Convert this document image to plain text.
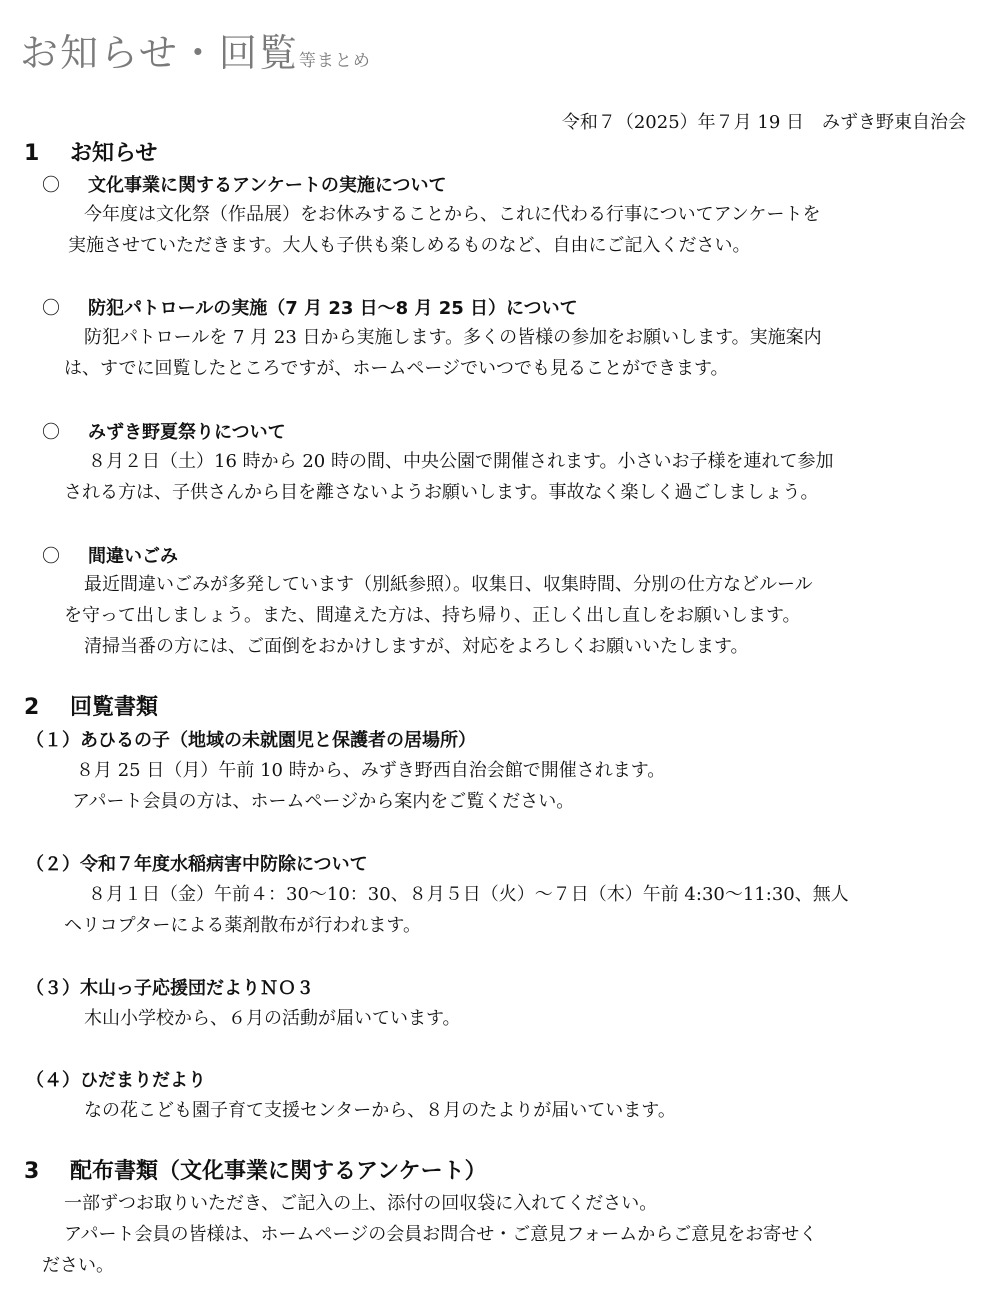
お知らせ・回覧等まとめ
令和７（2025）年７月 19 日　みずき野東自治会
1 お知らせ
〇 文化事業に関するアンケートの実施について
今年度は文化祭（作品展）をお休みすることから、これに代わる行事についてアンケートを
実施させていただきます。大人も子供も楽しめるものなど、自由にご記入ください。
〇 防犯パトロールの実施（7 月 23 日～8 月 25 日）について
防犯パトロールを 7 月 23 日から実施します。多くの皆様の参加をお願いします。実施案内
は、すでに回覧したところですが、ホームページでいつでも見ることができます。
〇 みずき野夏祭りについて
８月２日（土）16 時から 20 時の間、中央公園で開催されます。小さいお子様を連れて参加
される方は、子供さんから目を離さないようお願いします。事故なく楽しく過ごしましょう。
〇 間違いごみ
最近間違いごみが多発しています（別紙参照）。収集日、収集時間、分別の仕方などルール
を守って出しましょう。また、間違えた方は、持ち帰り、正しく出し直しをお願いします。
清掃当番の方には、ご面倒をおかけしますが、対応をよろしくお願いいたします。
2 回覧書類
（１）あひるの子（地域の未就園児と保護者の居場所）
８月 25 日（月）午前 10 時から、みずき野西自治会館で開催されます。
アパート会員の方は、ホームページから案内をご覧ください。
（２）令和７年度水稲病害中防除について
８月１日（金）午前４：30～10：30、８月５日（火）～７日（木）午前 4:30～11:30、無人
ヘリコプターによる薬剤散布が行われます。
（３）木山っ子応援団だよりＮＯ３
木山小学校から、６月の活動が届いています。
（４）ひだまりだより
なの花こども園子育て支援センターから、８月のたよりが届いています。
3 配布書類（文化事業に関するアンケート）
一部ずつお取りいただき、ご記入の上、添付の回収袋に入れてください。
アパート会員の皆様は、ホームページの会員お問合せ・ご意見フォームからご意見をお寄せく
ださい。
